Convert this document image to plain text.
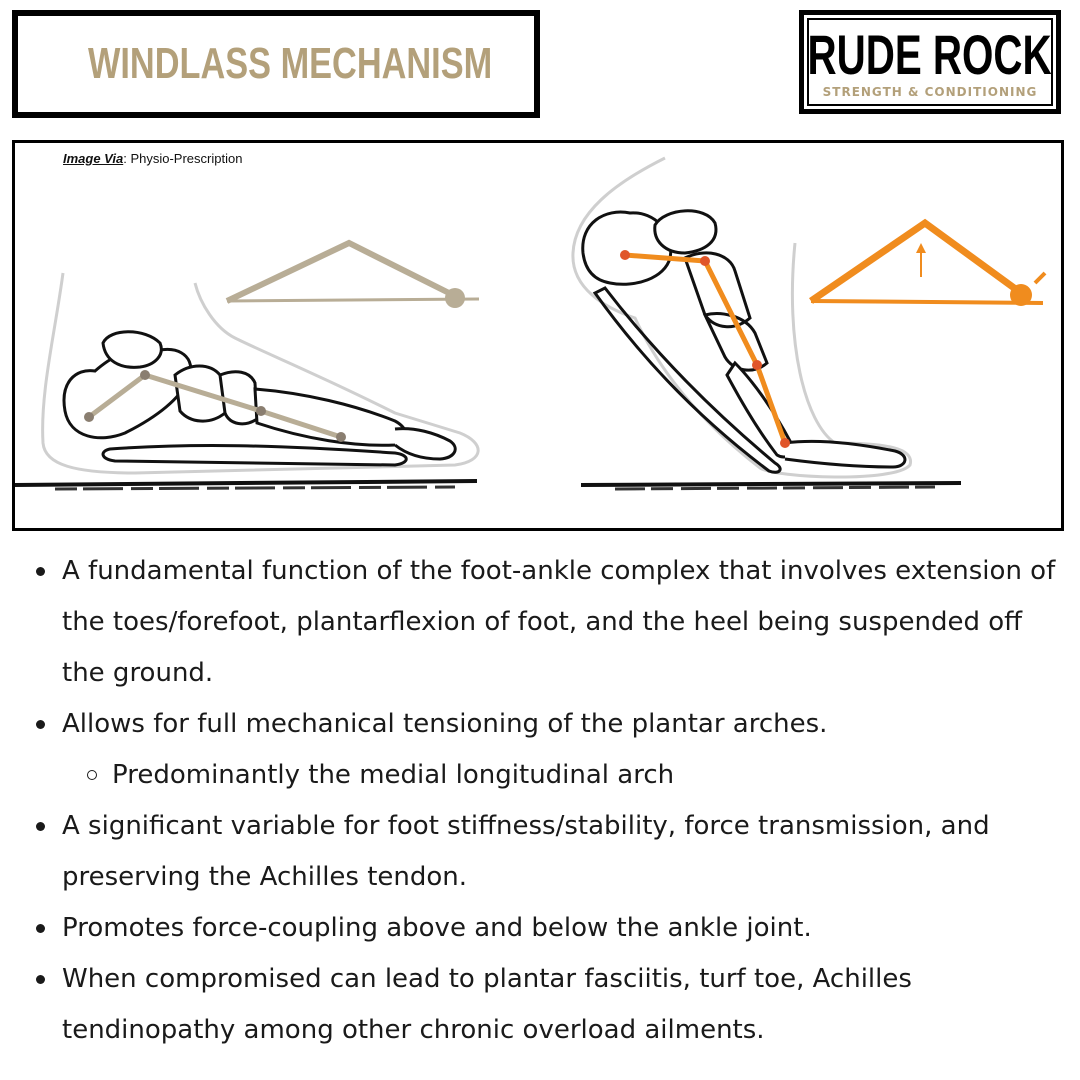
WINDLASS MECHANISM	RUDE ROCK
STRENGTH & CONDITIONING
Image Via: Physio-Prescription
A fundamental function of the foot-ankle complex that involves extension of the toes/forefoot, plantarflexion of foot, and the heel being suspended off the ground.
Allows for full mechanical tensioning of the plantar arches.
Predominantly the medial longitudinal arch
A significant variable for foot stiffness/stability, force transmission, and preserving the Achilles tendon.
Promotes force-coupling above and below the ankle joint.
When compromised can lead to plantar fasciitis, turf toe, Achilles tendinopathy among other chronic overload ailments.
